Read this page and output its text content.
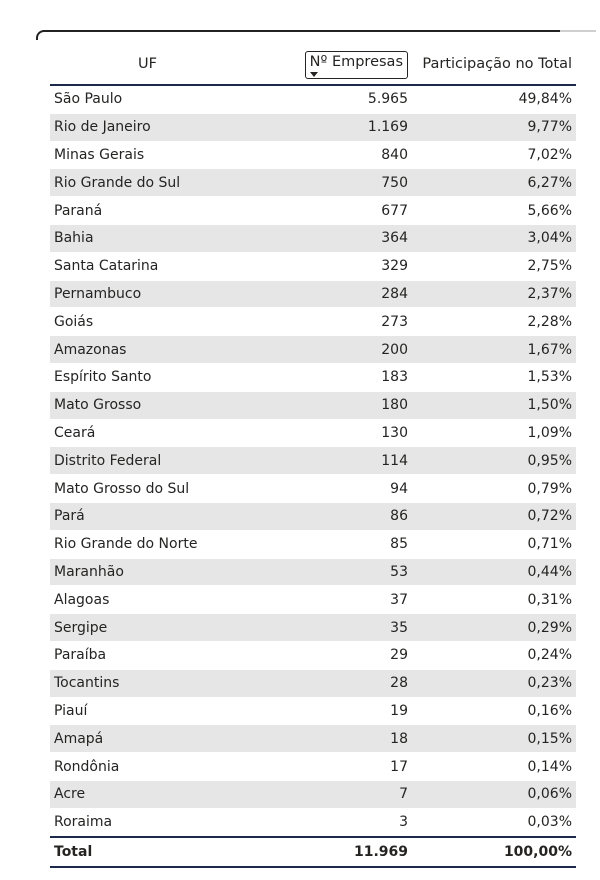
UF	Nº Empresas	Participação no Total
São Paulo	5.965	49,84%
Rio de Janeiro	1.169	9,77%
Minas Gerais	840	7,02%
Rio Grande do Sul	750	6,27%
Paraná	677	5,66%
Bahia	364	3,04%
Santa Catarina	329	2,75%
Pernambuco	284	2,37%
Goiás	273	2,28%
Amazonas	200	1,67%
Espírito Santo	183	1,53%
Mato Grosso	180	1,50%
Ceará	130	1,09%
Distrito Federal	114	0,95%
Mato Grosso do Sul	94	0,79%
Pará	86	0,72%
Rio Grande do Norte	85	0,71%
Maranhão	53	0,44%
Alagoas	37	0,31%
Sergipe	35	0,29%
Paraíba	29	0,24%
Tocantins	28	0,23%
Piauí	19	0,16%
Amapá	18	0,15%
Rondônia	17	0,14%
Acre	7	0,06%
Roraima	3	0,03%
Total	11.969	100,00%
